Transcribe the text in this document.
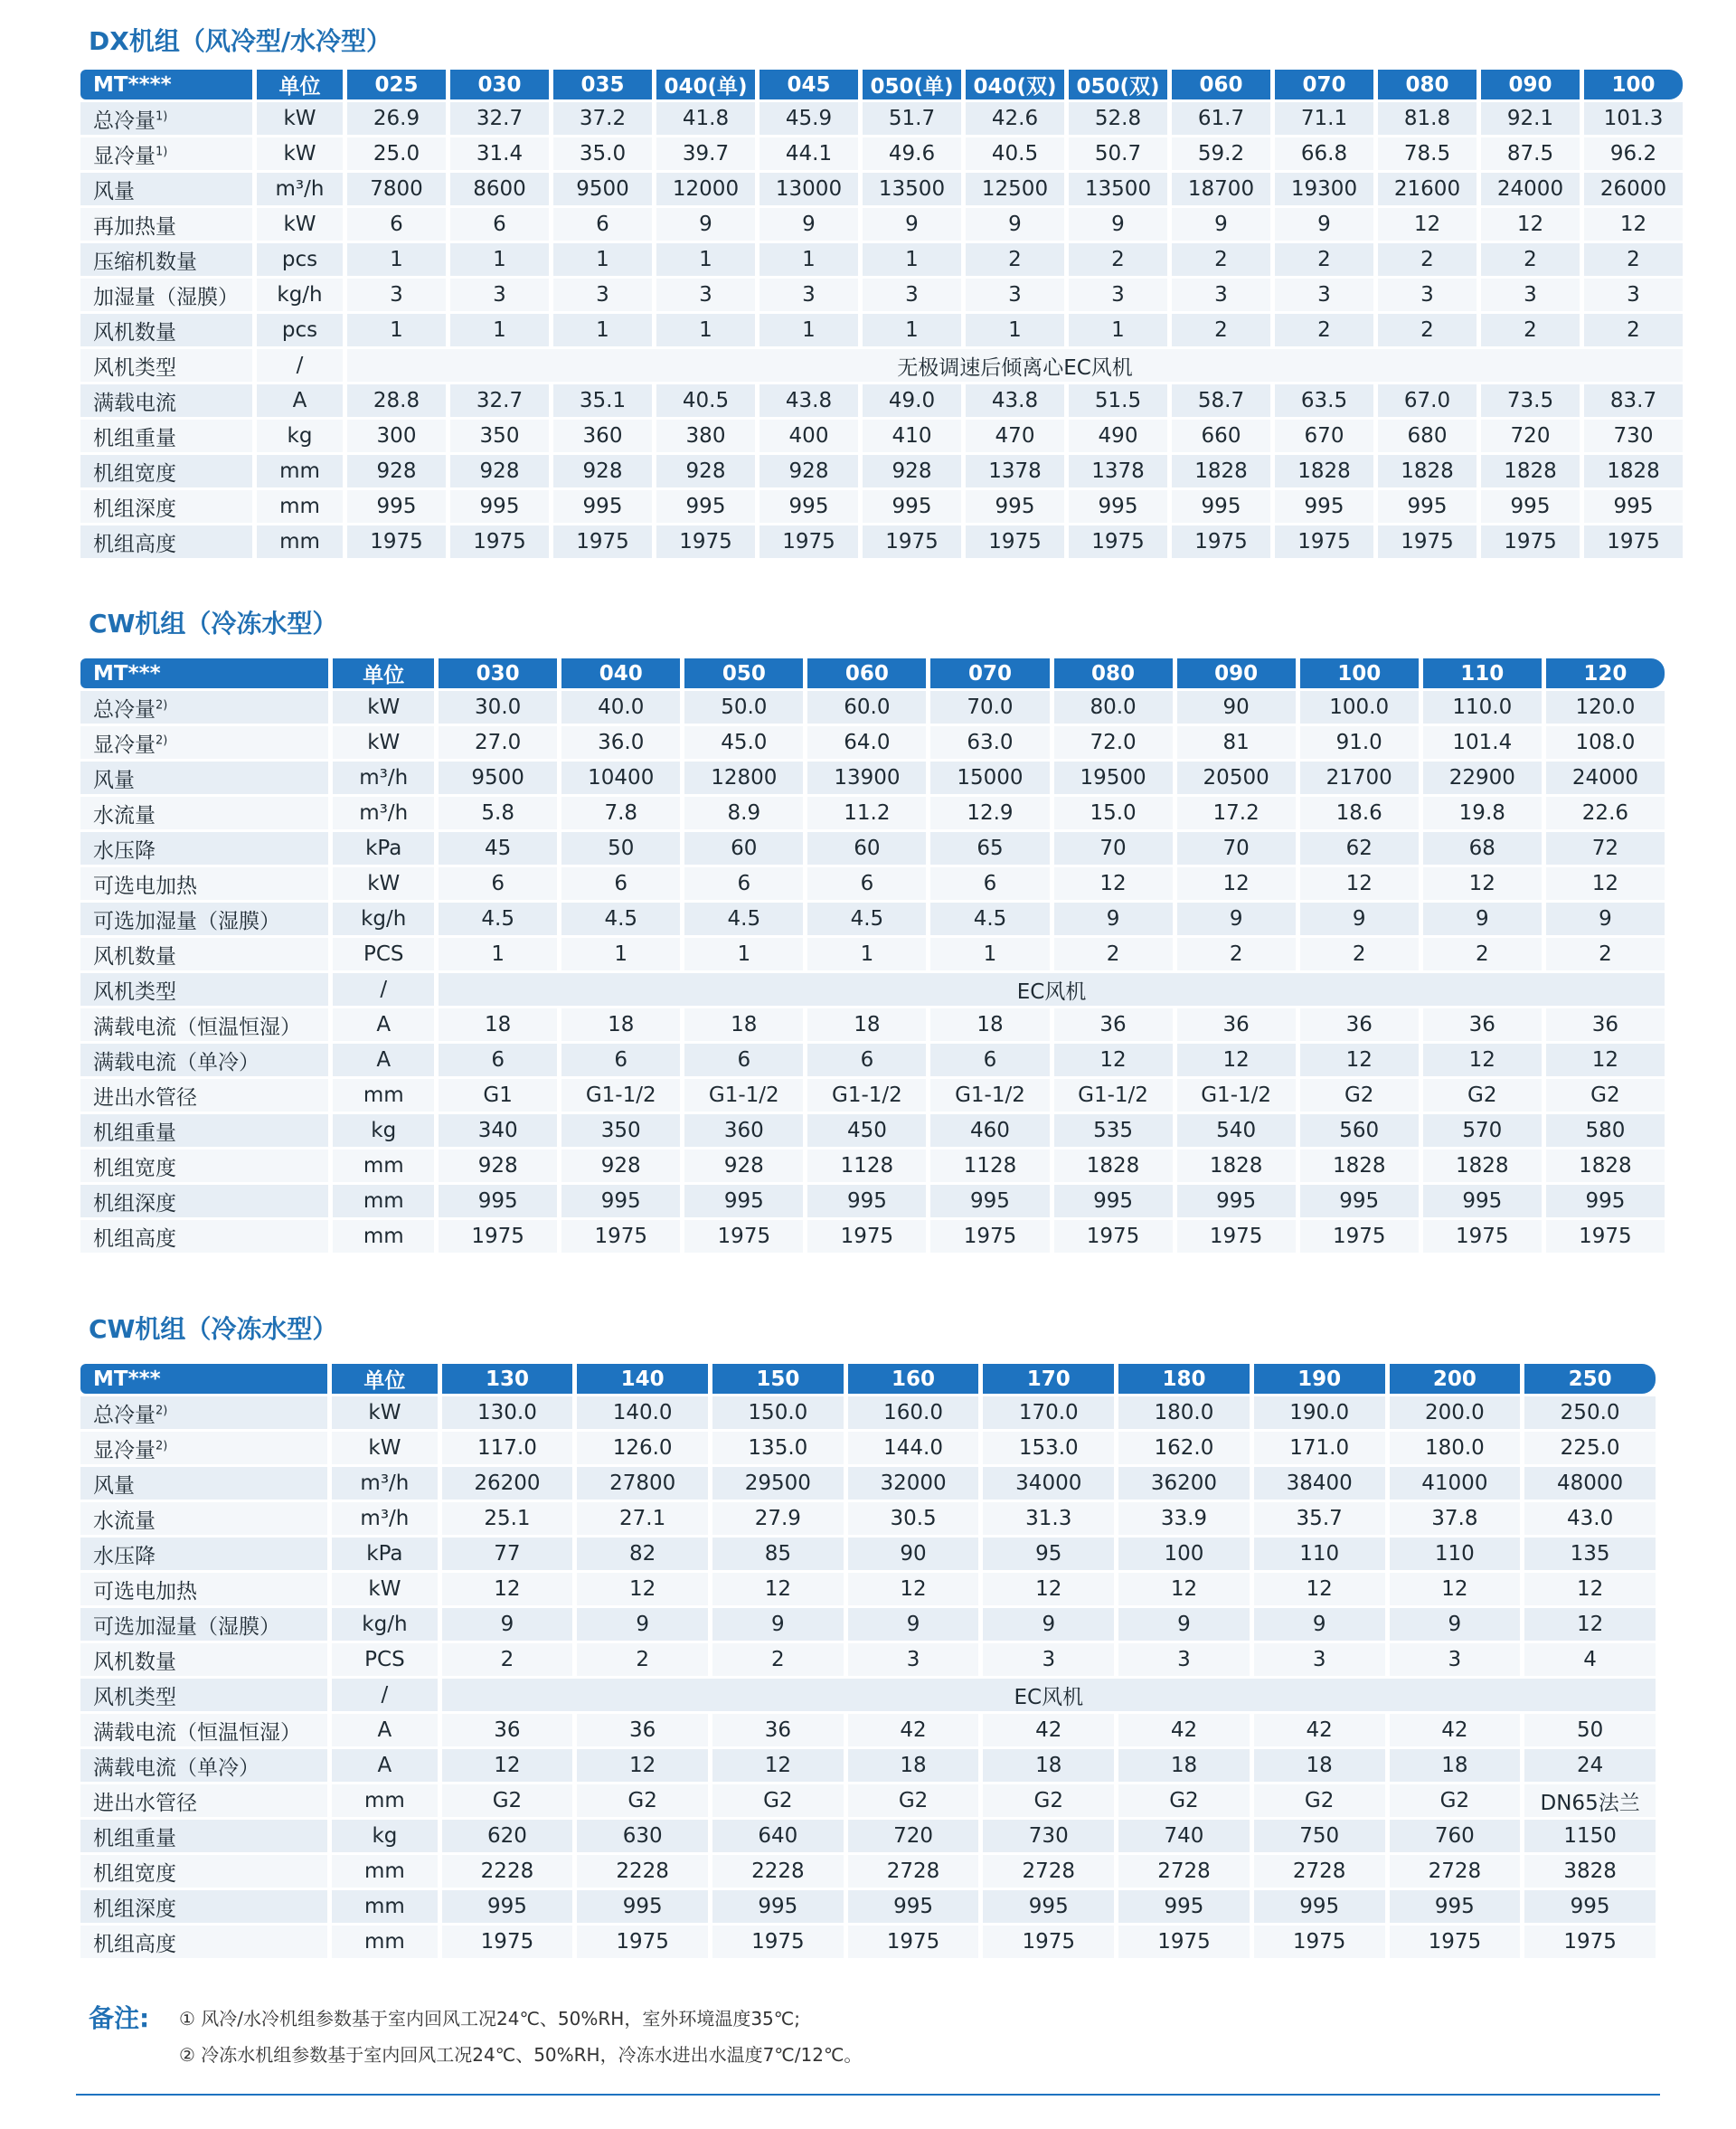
DX机组（风冷型/水冷型）
MT****	单位	025	030	035	040(单)	045	050(单)	040(双)	050(双)	060	070	080	090	100
总冷量$^{1)}$	kW	26.9	32.7	37.2	41.8	45.9	51.7	42.6	52.8	61.7	71.1	81.8	92.1	101.3
显冷量$^{1)}$	kW	25.0	31.4	35.0	39.7	44.1	49.6	40.5	50.7	59.2	66.8	78.5	87.5	96.2
风量	m³/h	7800	8600	9500	12000	13000	13500	12500	13500	18700	19300	21600	24000	26000
再加热量	kW	6	6	6	9	9	9	9	9	9	9	12	12	12
压缩机数量	pcs	1	1	1	1	1	1	2	2	2	2	2	2	2
加湿量（湿膜）	kg/h	3	3	3	3	3	3	3	3	3	3	3	3	3
风机数量	pcs	1	1	1	1	1	1	1	1	2	2	2	2	2
风机类型	/	无极调速后倾离心EC风机												
满载电流	A	28.8	32.7	35.1	40.5	43.8	49.0	43.8	51.5	58.7	63.5	67.0	73.5	83.7
机组重量	kg	300	350	360	380	400	410	470	490	660	670	680	720	730
机组宽度	mm	928	928	928	928	928	928	1378	1378	1828	1828	1828	1828	1828
机组深度	mm	995	995	995	995	995	995	995	995	995	995	995	995	995
机组高度	mm	1975	1975	1975	1975	1975	1975	1975	1975	1975	1975	1975	1975	1975
CW机组（冷冻水型）
MT***	单位	030	040	050	060	070	080	090	100	110	120
总冷量$^{2)}$	kW	30.0	40.0	50.0	60.0	70.0	80.0	90	100.0	110.0	120.0
显冷量$^{2)}$	kW	27.0	36.0	45.0	64.0	63.0	72.0	81	91.0	101.4	108.0
风量	m³/h	9500	10400	12800	13900	15000	19500	20500	21700	22900	24000
水流量	m³/h	5.8	7.8	8.9	11.2	12.9	15.0	17.2	18.6	19.8	22.6
水压降	kPa	45	50	60	60	65	70	70	62	68	72
可选电加热	kW	6	6	6	6	6	12	12	12	12	12
可选加湿量（湿膜）	kg/h	4.5	4.5	4.5	4.5	4.5	9	9	9	9	9
风机数量	PCS	1	1	1	1	1	2	2	2	2	2
风机类型	/	EC风机									
满载电流（恒温恒湿）	A	18	18	18	18	18	36	36	36	36	36
满载电流（单冷）	A	6	6	6	6	6	12	12	12	12	12
进出水管径	mm	G1	G1-1/2	G1-1/2	G1-1/2	G1-1/2	G1-1/2	G1-1/2	G2	G2	G2
机组重量	kg	340	350	360	450	460	535	540	560	570	580
机组宽度	mm	928	928	928	1128	1128	1828	1828	1828	1828	1828
机组深度	mm	995	995	995	995	995	995	995	995	995	995
机组高度	mm	1975	1975	1975	1975	1975	1975	1975	1975	1975	1975
CW机组（冷冻水型）
MT***	单位	130	140	150	160	170	180	190	200	250
总冷量$^{2)}$	kW	130.0	140.0	150.0	160.0	170.0	180.0	190.0	200.0	250.0
显冷量$^{2)}$	kW	117.0	126.0	135.0	144.0	153.0	162.0	171.0	180.0	225.0
风量	m³/h	26200	27800	29500	32000	34000	36200	38400	41000	48000
水流量	m³/h	25.1	27.1	27.9	30.5	31.3	33.9	35.7	37.8	43.0
水压降	kPa	77	82	85	90	95	100	110	110	135
可选电加热	kW	12	12	12	12	12	12	12	12	12
可选加湿量（湿膜）	kg/h	9	9	9	9	9	9	9	9	12
风机数量	PCS	2	2	2	3	3	3	3	3	4
风机类型	/	EC风机								
满载电流（恒温恒湿）	A	36	36	36	42	42	42	42	42	50
满载电流（单冷）	A	12	12	12	18	18	18	18	18	24
进出水管径	mm	G2	G2	G2	G2	G2	G2	G2	G2	DN65法兰
机组重量	kg	620	630	640	720	730	740	750	760	1150
机组宽度	mm	2228	2228	2228	2728	2728	2728	2728	2728	3828
机组深度	mm	995	995	995	995	995	995	995	995	995
机组高度	mm	1975	1975	1975	1975	1975	1975	1975	1975	1975
备注: ① 风冷/水冷机组参数基于室内回风工况24℃、50%RH，室外环境温度35℃;
② 冷冻水机组参数基于室内回风工况24℃、50%RH，冷冻水进出水温度7℃/12℃。
